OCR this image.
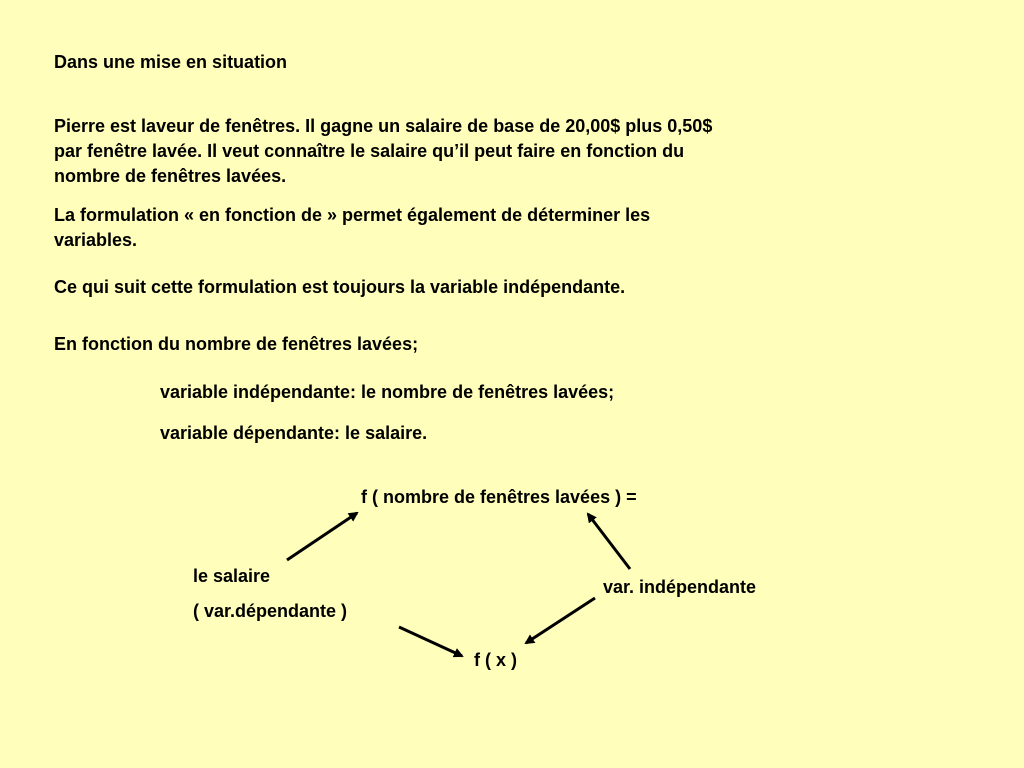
Dans une mise en situation
Pierre est laveur de fenêtres. Il gagne un salaire de base de 20,00$ plus 0,50$
par fenêtre lavée. Il veut connaître le salaire qu’il peut faire en fonction du
nombre de fenêtres lavées.
La formulation « en fonction de » permet également de déterminer les
variables.
Ce qui suit cette formulation est toujours la variable indépendante.
En fonction du nombre de fenêtres lavées;
variable indépendante: le nombre de fenêtres lavées;
variable dépendante: le salaire.
f ( nombre de fenêtres lavées ) =
le salaire
( var.dépendante )
var. indépendante
f ( x )
